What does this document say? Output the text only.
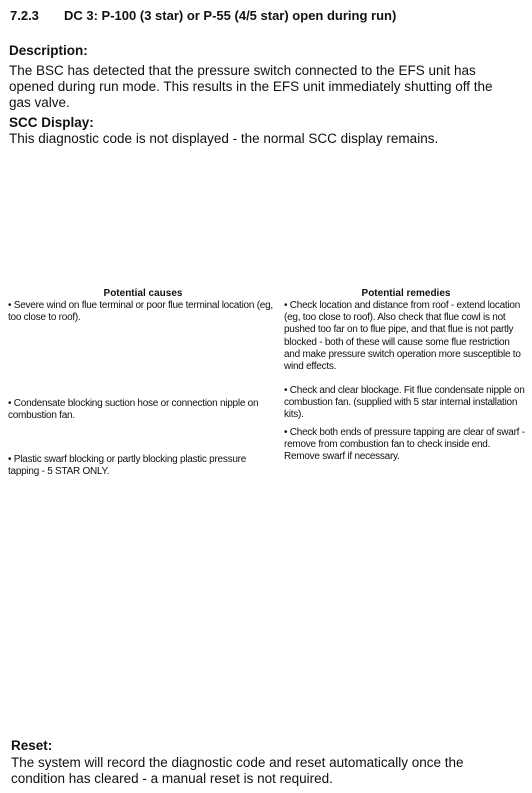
7.2.3 DC 3: P-100 (3 star) or P-55 (4/5 star) open during run)
Description:
The BSC has detected that the pressure switch connected to the EFS unit has opened during run mode. This results in the EFS unit immediately shutting off the gas valve.
SCC Display:
This diagnostic code is not displayed - the normal SCC display remains.
Potential causes
• Severe wind on flue terminal or poor flue terminal location (eg, too close to roof).
• Condensate blocking suction hose or connection nipple on combustion fan.
• Plastic swarf blocking or partly blocking plastic pressure tapping - 5 STAR ONLY.
Potential remedies
• Check location and distance from roof - extend location (eg, too close to roof). Also check that flue cowl is not pushed too far on to flue pipe, and that flue is not partly blocked - both of these will cause some flue restriction and make pressure switch operation more susceptible to wind effects.
• Check and clear blockage. Fit flue condensate nipple on combustion fan. (supplied with 5 star internal installation kits).
• Check both ends of pressure tapping are clear of swarf - remove from combustion fan to check inside end. Remove swarf if necessary.
Reset:
The system will record the diagnostic code and reset automatically once the condition has cleared - a manual reset is not required.
